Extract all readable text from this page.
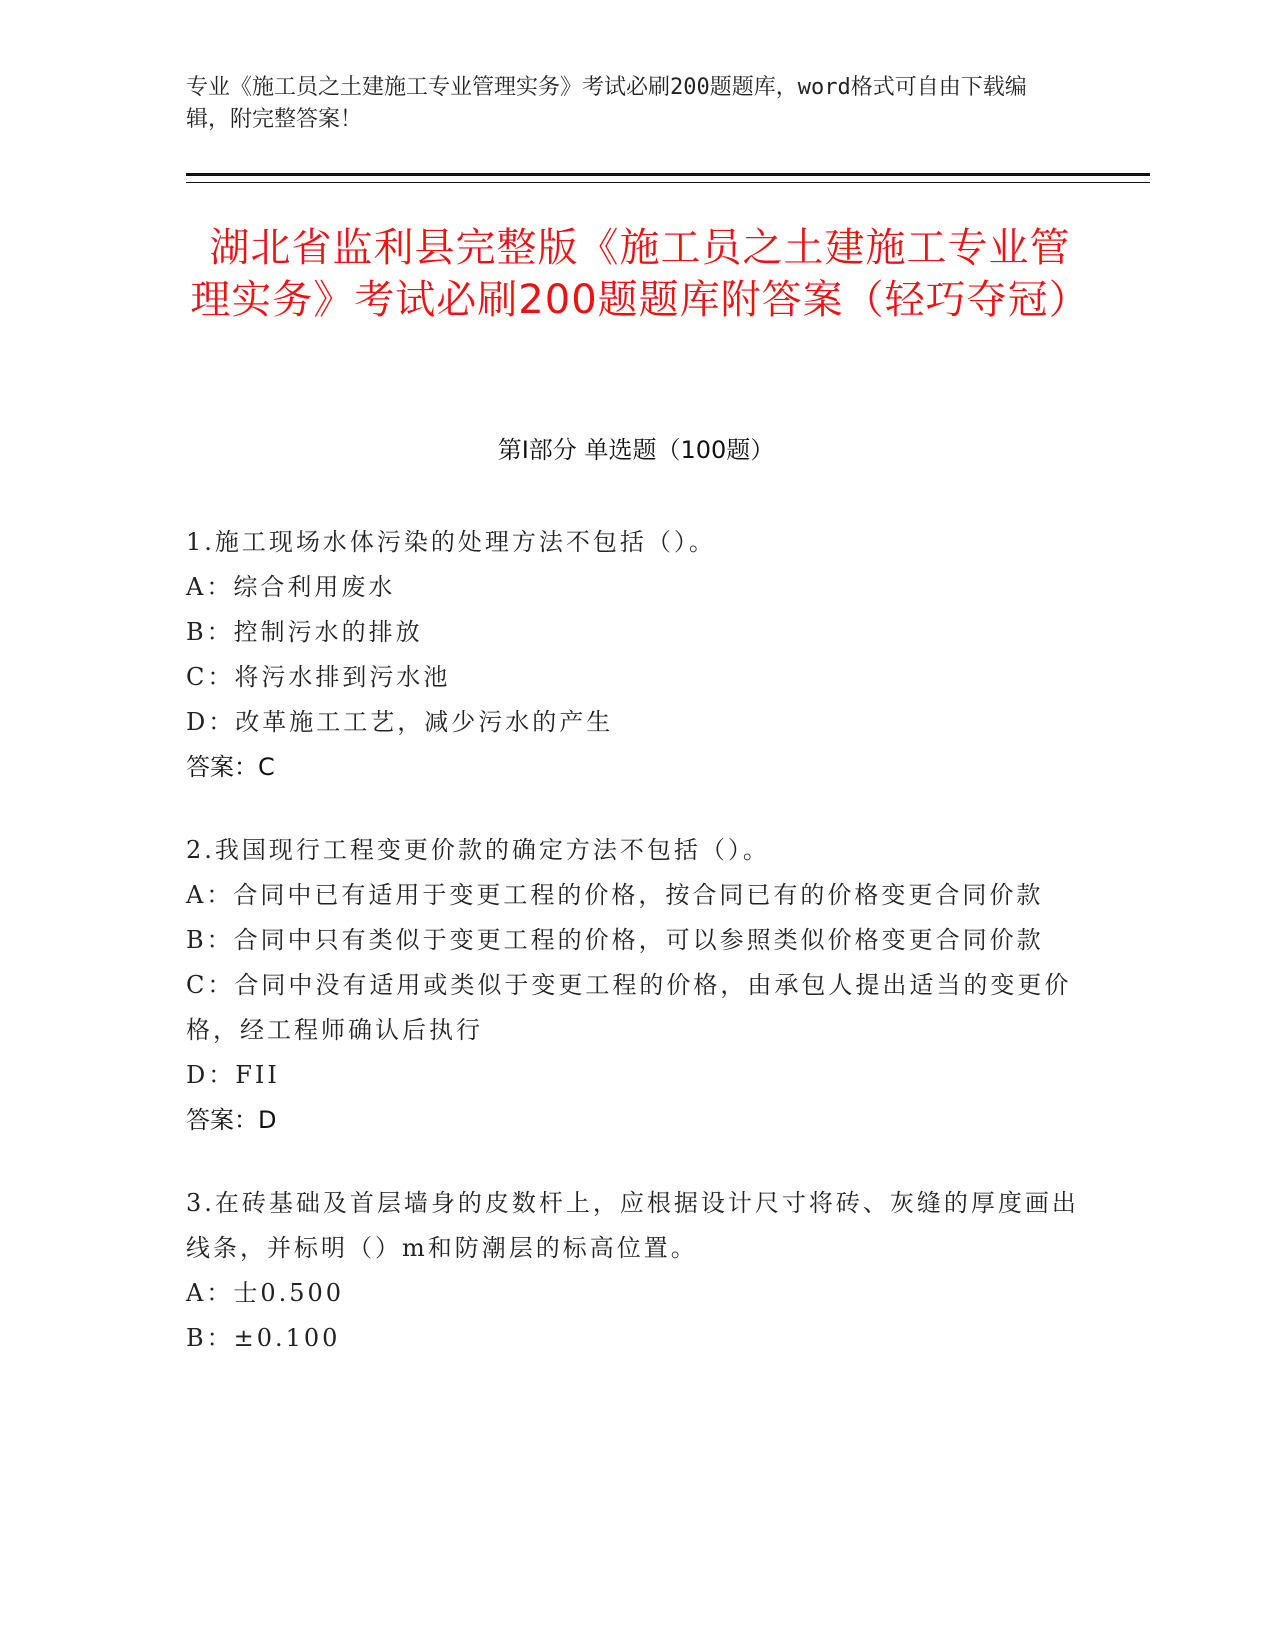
专业《施工员之土建施工专业管理实务》考试必刷200题题库，word格式可自由下载编辑，附完整答案！
湖北省监利县完整版《施工员之土建施工专业管理实务》考试必刷200题题库附答案（轻巧夺冠）
第Ⅰ部分 单选题（100题）
1.施工现场水体污染的处理方法不包括（）。
A：综合利用废水
B：控制污水的排放
C：将污水排到污水池
D：改革施工工艺，减少污水的产生
答案：C
2.我国现行工程变更价款的确定方法不包括（）。
A：合同中已有适用于变更工程的价格，按合同已有的价格变更合同价款
B：合同中只有类似于变更工程的价格，可以参照类似价格变更合同价款
C：合同中没有适用或类似于变更工程的价格，由承包人提出适当的变更价格，经工程师确认后执行
D：FII
答案：D
3.在砖基础及首层墙身的皮数杆上，应根据设计尺寸将砖、灰缝的厚度画出线条，并标明（）m和防潮层的标高位置。
A：士0.500
B：±0.100
